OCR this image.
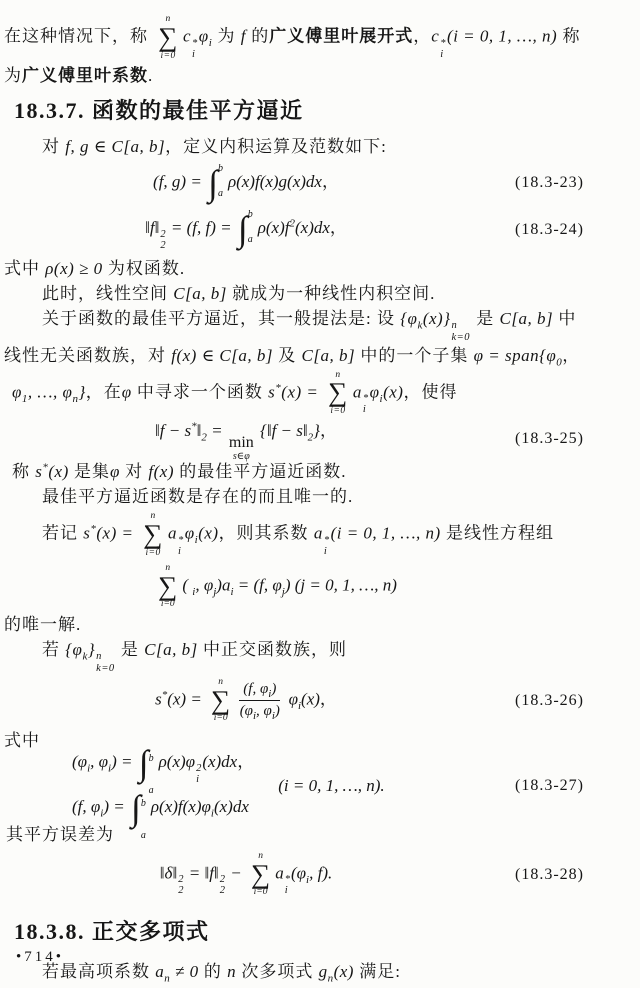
在这种情况下，称
n
∑
i=0
c *
i
$\varphi_i$ 为 f 的广义傅里叶展开式，c *
i
(i = 0, 1, …, n) 称
为广义傅里叶系数.
18.3.7. 函数的最佳平方逼近
对 f, g ∈ C[a, b]，定义内积运算及范数如下:
(f, g) = ∫ b
a
ρ(x)f(x)g(x)dx，	(18.3-23)
‖f‖ 2
2
= (f, f) = ∫ b
a
$\rho(x)f^2(x)dx$，	(18.3-24)
式中 ρ(x) ≥ 0 为权函数.
此时，线性空间 C[a, b] 就成为一种线性内积空间.
关于函数的最佳平方逼近，其一般提法是: 设 $\{\varphi_k(x)\}$ n
k=0
是 C[a, b] 中
线性无关函数族，对 f(x) ∈ C[a, b] 及 C[a, b] 中的一个子集 $\varphi = span\{\varphi_0$，
$\varphi_1$, …, $\varphi_n$}，在φ 中寻求一个函数 s*(x) =
n
∑
i=0
a *
i
$\varphi_i(x)$，使得
‖f − $s^*‖_2$ =
min
s∈φ
{‖f − $s‖_2$}，	(18.3-25)
称 s*(x) 是集φ 对 f(x) 的最佳平方逼近函数.
最佳平方逼近函数是存在的而且唯一的.
若记 s*(x) =
n
∑
i=0
a *
i
$\varphi_i(x)$，则其系数 a *
i
(i = 0, 1, …, n) 是线性方程组
n
∑
i=0
( $_i$, $\varphi_j)a_i = (f$, $\varphi_j$) (j = 0, 1, …, n)
的唯一解.
若 $\{\varphi_k\}$ n
k=0
是 C[a, b] 中正交函数族，则
s*(x) =
n
∑
$i=0 \frac{(f, \varphi_i)}{(\varphi_i, \varphi_i)} \varphi_i(x)$，	(18.3-26)
式中
($\varphi_i$, $\varphi_i$) = ∫ b
a
ρ(x)φ 2
i
(x)dx，
(f, $\varphi_i$) = ∫ b
a
$\rho(x)f(x)\varphi_i(x)dx$
(i = 0, 1, …, n).	(18.3-27)
其平方误差为
‖δ‖ 2
2
= ‖f‖ 2
2
−
n
∑
i=0
a *
i
($\varphi_i$, f).	(18.3-28)
18.3.8. 正交多项式
若最高项系数 $a_n \ne 0$ 的 n 次多项式 $g_n(x)$ 满足:
•714•
